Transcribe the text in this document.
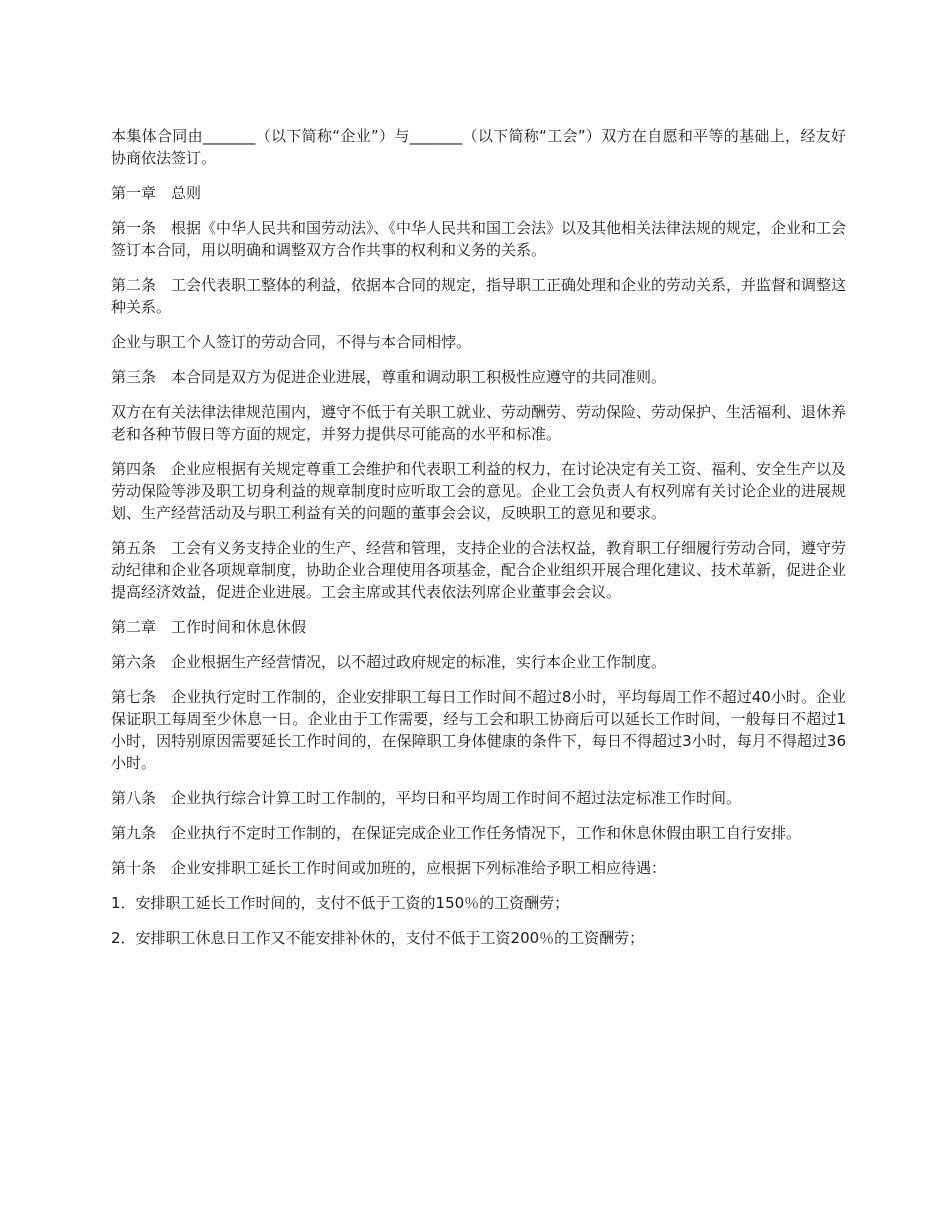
本集体合同由_______（以下简称“企业”）与_______（以下简称“工会”）双方在自愿和平等的基础上，经友好协商依法签订。

第一章　总则

第一条　根据《中华人民共和国劳动法》、《中华人民共和国工会法》以及其他相关法律法规的规定，企业和工会签订本合同，用以明确和调整双方合作共事的权利和义务的关系。

第二条　工会代表职工整体的利益，依据本合同的规定，指导职工正确处理和企业的劳动关系，并监督和调整这种关系。

企业与职工个人签订的劳动合同，不得与本合同相悖。

第三条　本合同是双方为促进企业进展，尊重和调动职工积极性应遵守的共同准则。

双方在有关法律法律规范围内，遵守不低于有关职工就业、劳动酬劳、劳动保险、劳动保护、生活福利、退休养老和各种节假日等方面的规定，并努力提供尽可能高的水平和标准。

第四条　企业应根据有关规定尊重工会维护和代表职工利益的权力，在讨论决定有关工资、福利、安全生产以及劳动保险等涉及职工切身利益的规章制度时应听取工会的意见。企业工会负责人有权列席有关讨论企业的进展规划、生产经营活动及与职工利益有关的问题的董事会会议，反映职工的意见和要求。

第五条　工会有义务支持企业的生产、经营和管理，支持企业的合法权益，教育职工仔细履行劳动合同，遵守劳动纪律和企业各项规章制度，协助企业合理使用各项基金，配合企业组织开展合理化建议、技术革新，促进企业提高经济效益，促进企业进展。工会主席或其代表依法列席企业董事会会议。

第二章　工作时间和休息休假

第六条　企业根据生产经营情况，以不超过政府规定的标准，实行本企业工作制度。

第七条　企业执行定时工作制的，企业安排职工每日工作时间不超过8小时，平均每周工作不超过40小时。企业保证职工每周至少休息一日。企业由于工作需要，经与工会和职工协商后可以延长工作时间，一般每日不超过1小时，因特别原因需要延长工作时间的，在保障职工身体健康的条件下，每日不得超过3小时，每月不得超过36小时。

第八条　企业执行综合计算工时工作制的，平均日和平均周工作时间不超过法定标准工作时间。

第九条　企业执行不定时工作制的，在保证完成企业工作任务情况下，工作和休息休假由职工自行安排。

第十条　企业安排职工延长工作时间或加班的，应根据下列标准给予职工相应待遇：

1．安排职工延长工作时间的，支付不低于工资的150％的工资酬劳；

2．安排职工休息日工作又不能安排补休的，支付不低于工资200％的工资酬劳；
